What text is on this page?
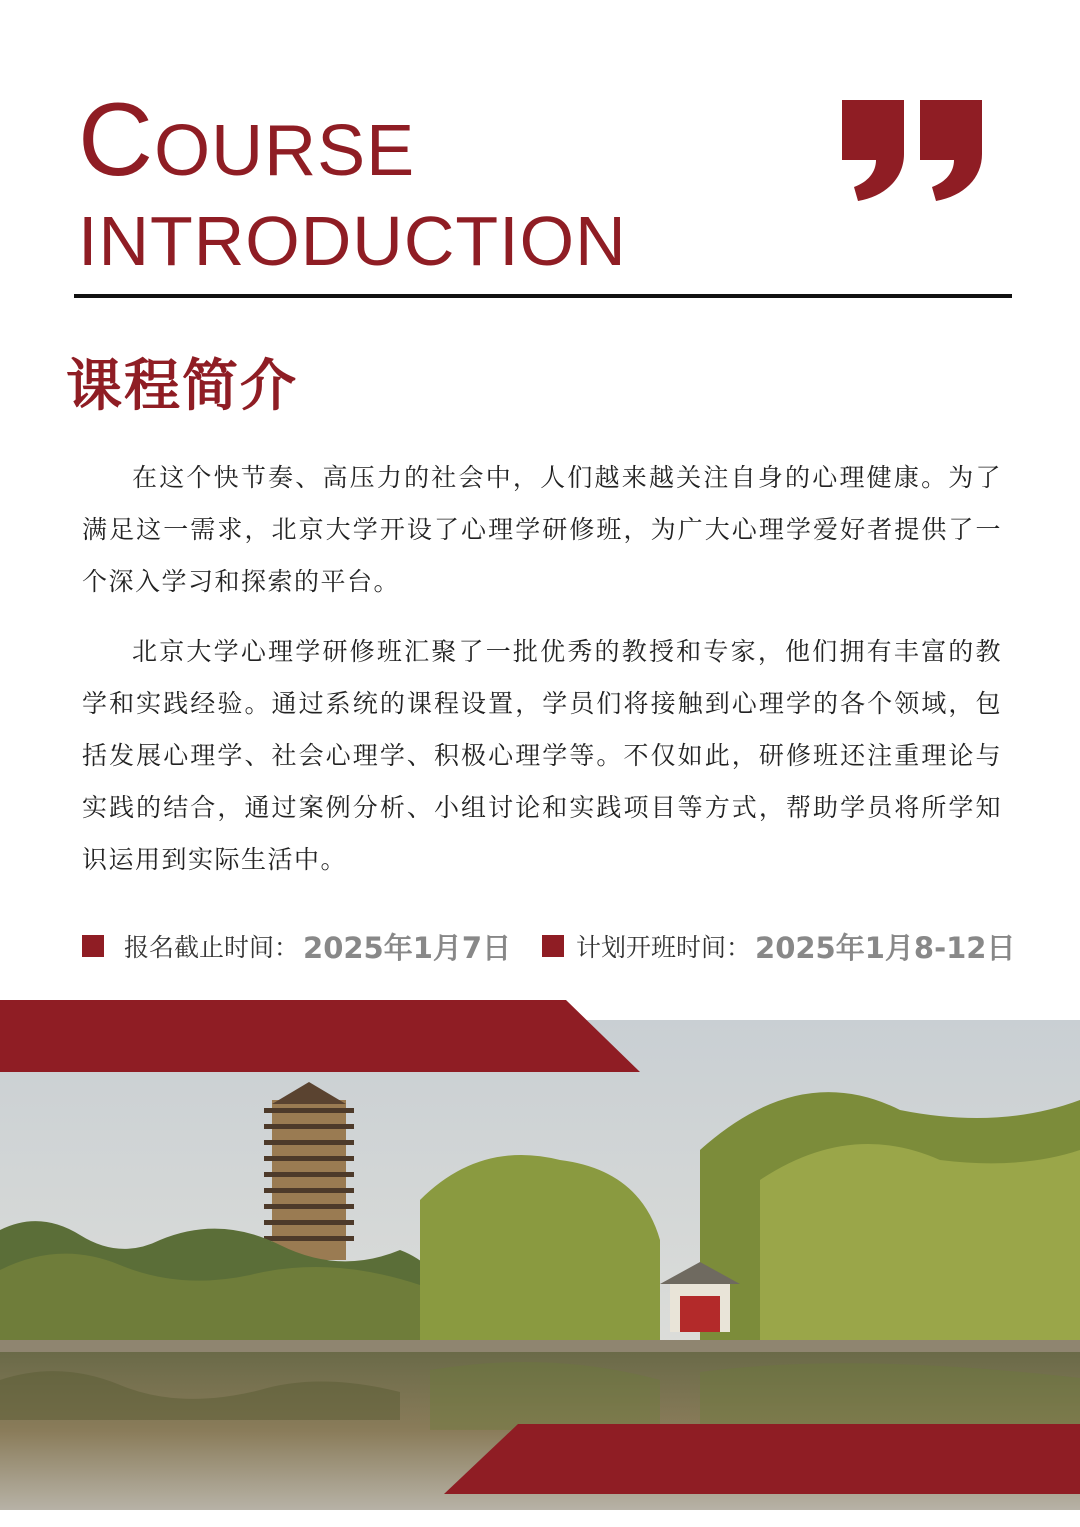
COURSE
INTRODUCTION
课程简介

在这个快节奏、高压力的社会中，人们越来越关注自身的心理健康。为了满足这一需求，北京大学开设了心理学研修班，为广大心理学爱好者提供了一个深入学习和探索的平台。

北京大学心理学研修班汇聚了一批优秀的教授和专家，他们拥有丰富的教学和实践经验。通过系统的课程设置，学员们将接触到心理学的各个领域，包括发展心理学、社会心理学、积极心理学等。不仅如此，研修班还注重理论与实践的结合，通过案例分析、小组讨论和实践项目等方式，帮助学员将所学知识运用到实际生活中。

报名截止时间： 2025年1月7日	计划开班时间： 2025年1月8-12日
